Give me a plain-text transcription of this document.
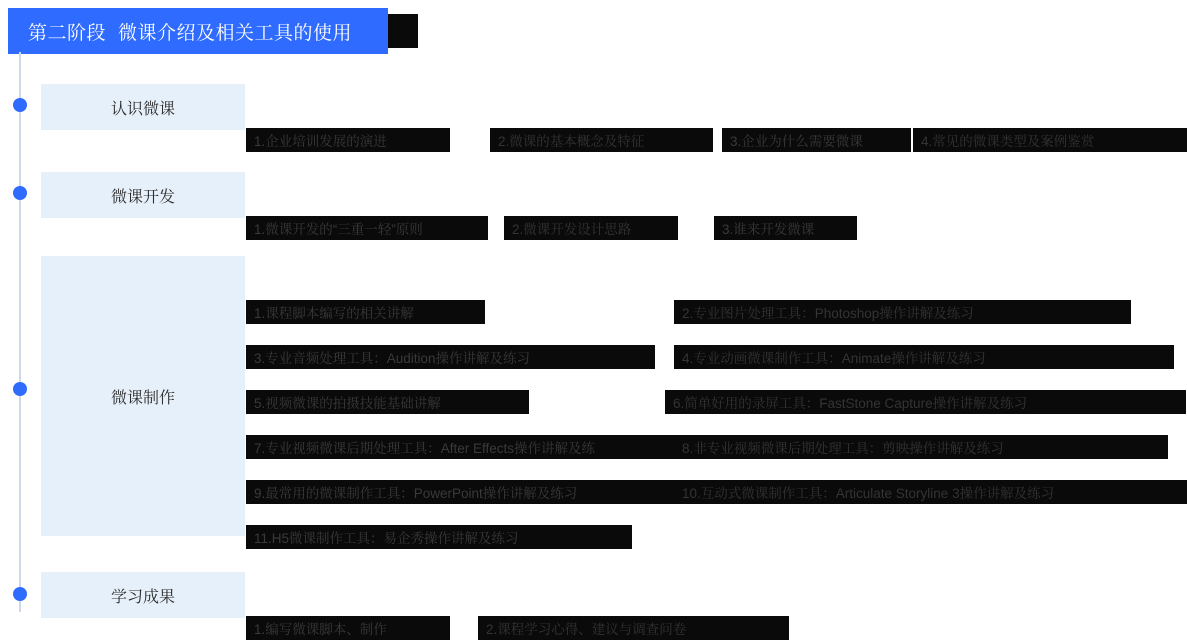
第二阶段 微课介绍及相关工具的使用
认识微课
1.企业培训发展的演进	2.微课的基本概念及特征	3.企业为什么需要微课	4.常见的微课类型及案例鉴赏
微课开发
1.微课开发的“三重一轻”原则	2.微课开发设计思路	3.谁来开发微课
微课制作
1.课程脚本编写的相关讲解	2.专业图片处理工具：Photoshop操作讲解及练习
3.专业音频处理工具：Audition操作讲解及练习	4.专业动画微课制作工具：Animate操作讲解及练习
5.视频微课的拍摄技能基础讲解	6.简单好用的录屏工具：FastStone Capture操作讲解及练习
7.专业视频微课后期处理工具：After Effects操作讲解及练	8.非专业视频微课后期处理工具：剪映操作讲解及练习
9.最常用的微课制作工具：PowerPoint操作讲解及练习	10.互动式微课制作工具：Articulate Storyline 3操作讲解及练习
11.H5微课制作工具：易企秀操作讲解及练习
学习成果
1.编写微课脚本、制作	2.课程学习心得、建议与调查问卷
